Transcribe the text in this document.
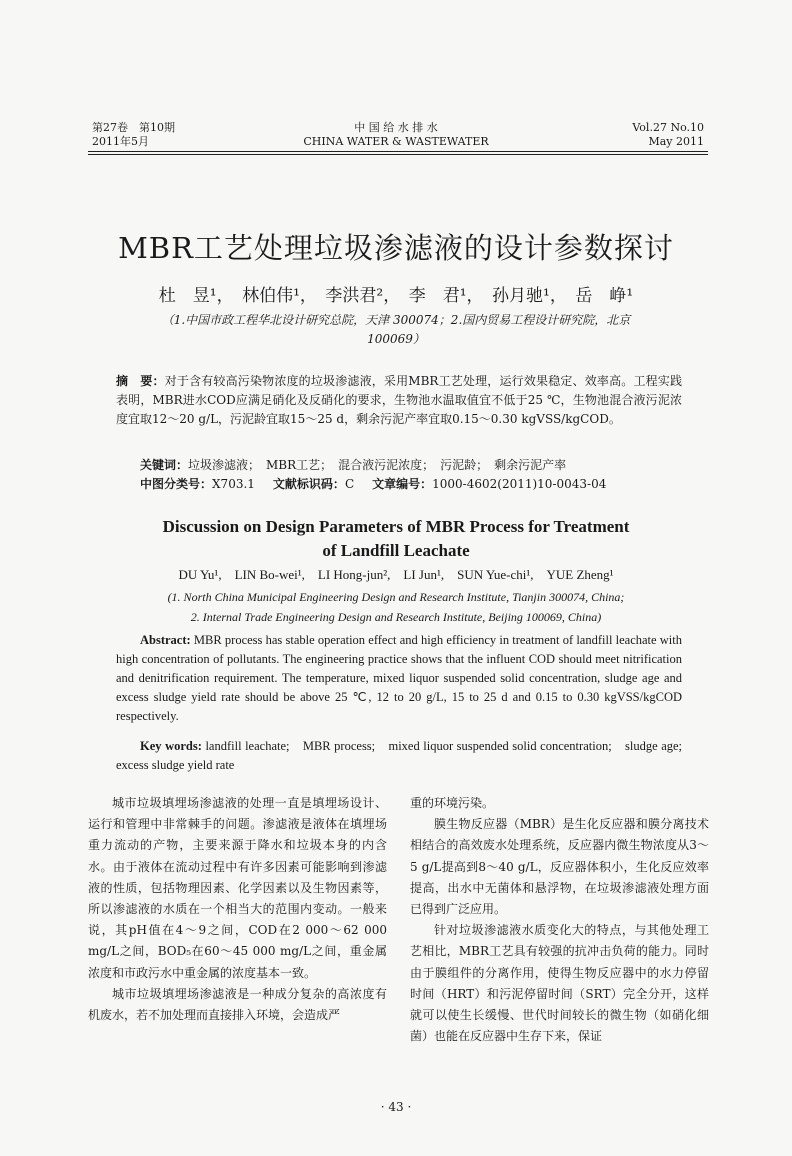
第27卷　第10期
2011年5月
中 国 给 水 排 水
CHINA WATER & WASTEWATER
Vol.27 No.10
May 2011
MBR工艺处理垃圾渗滤液的设计参数探讨
杜　昱¹，　林伯伟¹，　李洪君²，　李　君¹，　孙月驰¹，　岳　峥¹
（1.中国市政工程华北设计研究总院，天津 300074；2.国内贸易工程设计研究院，北京
100069）
摘　要：对于含有较高污染物浓度的垃圾渗滤液，采用MBR工艺处理，运行效果稳定、效率高。工程实践表明，MBR进水COD应满足硝化及反硝化的要求，生物池水温取值宜不低于25 ℃，生物池混合液污泥浓度宜取12～20 g/L，污泥龄宜取15～25 d，剩余污泥产率宜取0.15～0.30 kgVSS/kgCOD。
关键词：垃圾渗滤液；　MBR工艺；　混合液污泥浓度；　污泥龄；　剩余污泥产率
中图分类号：X703.1 文献标识码：C 文章编号：1000-4602(2011)10-0043-04
Discussion on Design Parameters of MBR Process for Treatment
of Landfill Leachate
DU Yu¹,　LIN Bo-wei¹,　LI Hong-jun²,　LI Jun¹,　SUN Yue-chi¹,　YUE Zheng¹
(1. North China Municipal Engineering Design and Research Institute, Tianjin 300074, China;
2. Internal Trade Engineering Design and Research Institute, Beijing 100069, China)
Abstract: MBR process has stable operation effect and high efficiency in treatment of landfill leachate with high concentration of pollutants. The engineering practice shows that the influent COD should meet nitrification and denitrification requirement. The temperature, mixed liquor suspended solid concentration, sludge age and excess sludge yield rate should be above 25 ℃, 12 to 20 g/L, 15 to 25 d and 0.15 to 0.30 kgVSS/kgCOD respectively.
Key words: landfill leachate;　MBR process;　mixed liquor suspended solid concentration;　sludge age;　excess sludge yield rate

城市垃圾填埋场渗滤液的处理一直是填埋场设计、运行和管理中非常棘手的问题。渗滤液是液体在填埋场重力流动的产物，主要来源于降水和垃圾本身的内含水。由于液体在流动过程中有许多因素可能影响到渗滤液的性质，包括物理因素、化学因素以及生物因素等，所以渗滤液的水质在一个相当大的范围内变动。一般来说，其pH值在4～9之间，COD在2 000～62 000 mg/L之间，BOD₅在60～45 000 mg/L之间，重金属浓度和市政污水中重金属的浓度基本一致。

城市垃圾填埋场渗滤液是一种成分复杂的高浓度有机废水，若不加处理而直接排入环境，会造成严

重的环境污染。

膜生物反应器（MBR）是生化反应器和膜分离技术相结合的高效废水处理系统，反应器内微生物浓度从3～5 g/L提高到8～40 g/L，反应器体积小，生化反应效率提高，出水中无菌体和悬浮物，在垃圾渗滤液处理方面已得到广泛应用。

针对垃圾渗滤液水质变化大的特点，与其他处理工艺相比，MBR工艺具有较强的抗冲击负荷的能力。同时由于膜组件的分离作用，使得生物反应器中的水力停留时间（HRT）和污泥停留时间（SRT）完全分开，这样就可以使生长缓慢、世代时间较长的微生物（如硝化细菌）也能在反应器中生存下来，保证

· 43 ·
